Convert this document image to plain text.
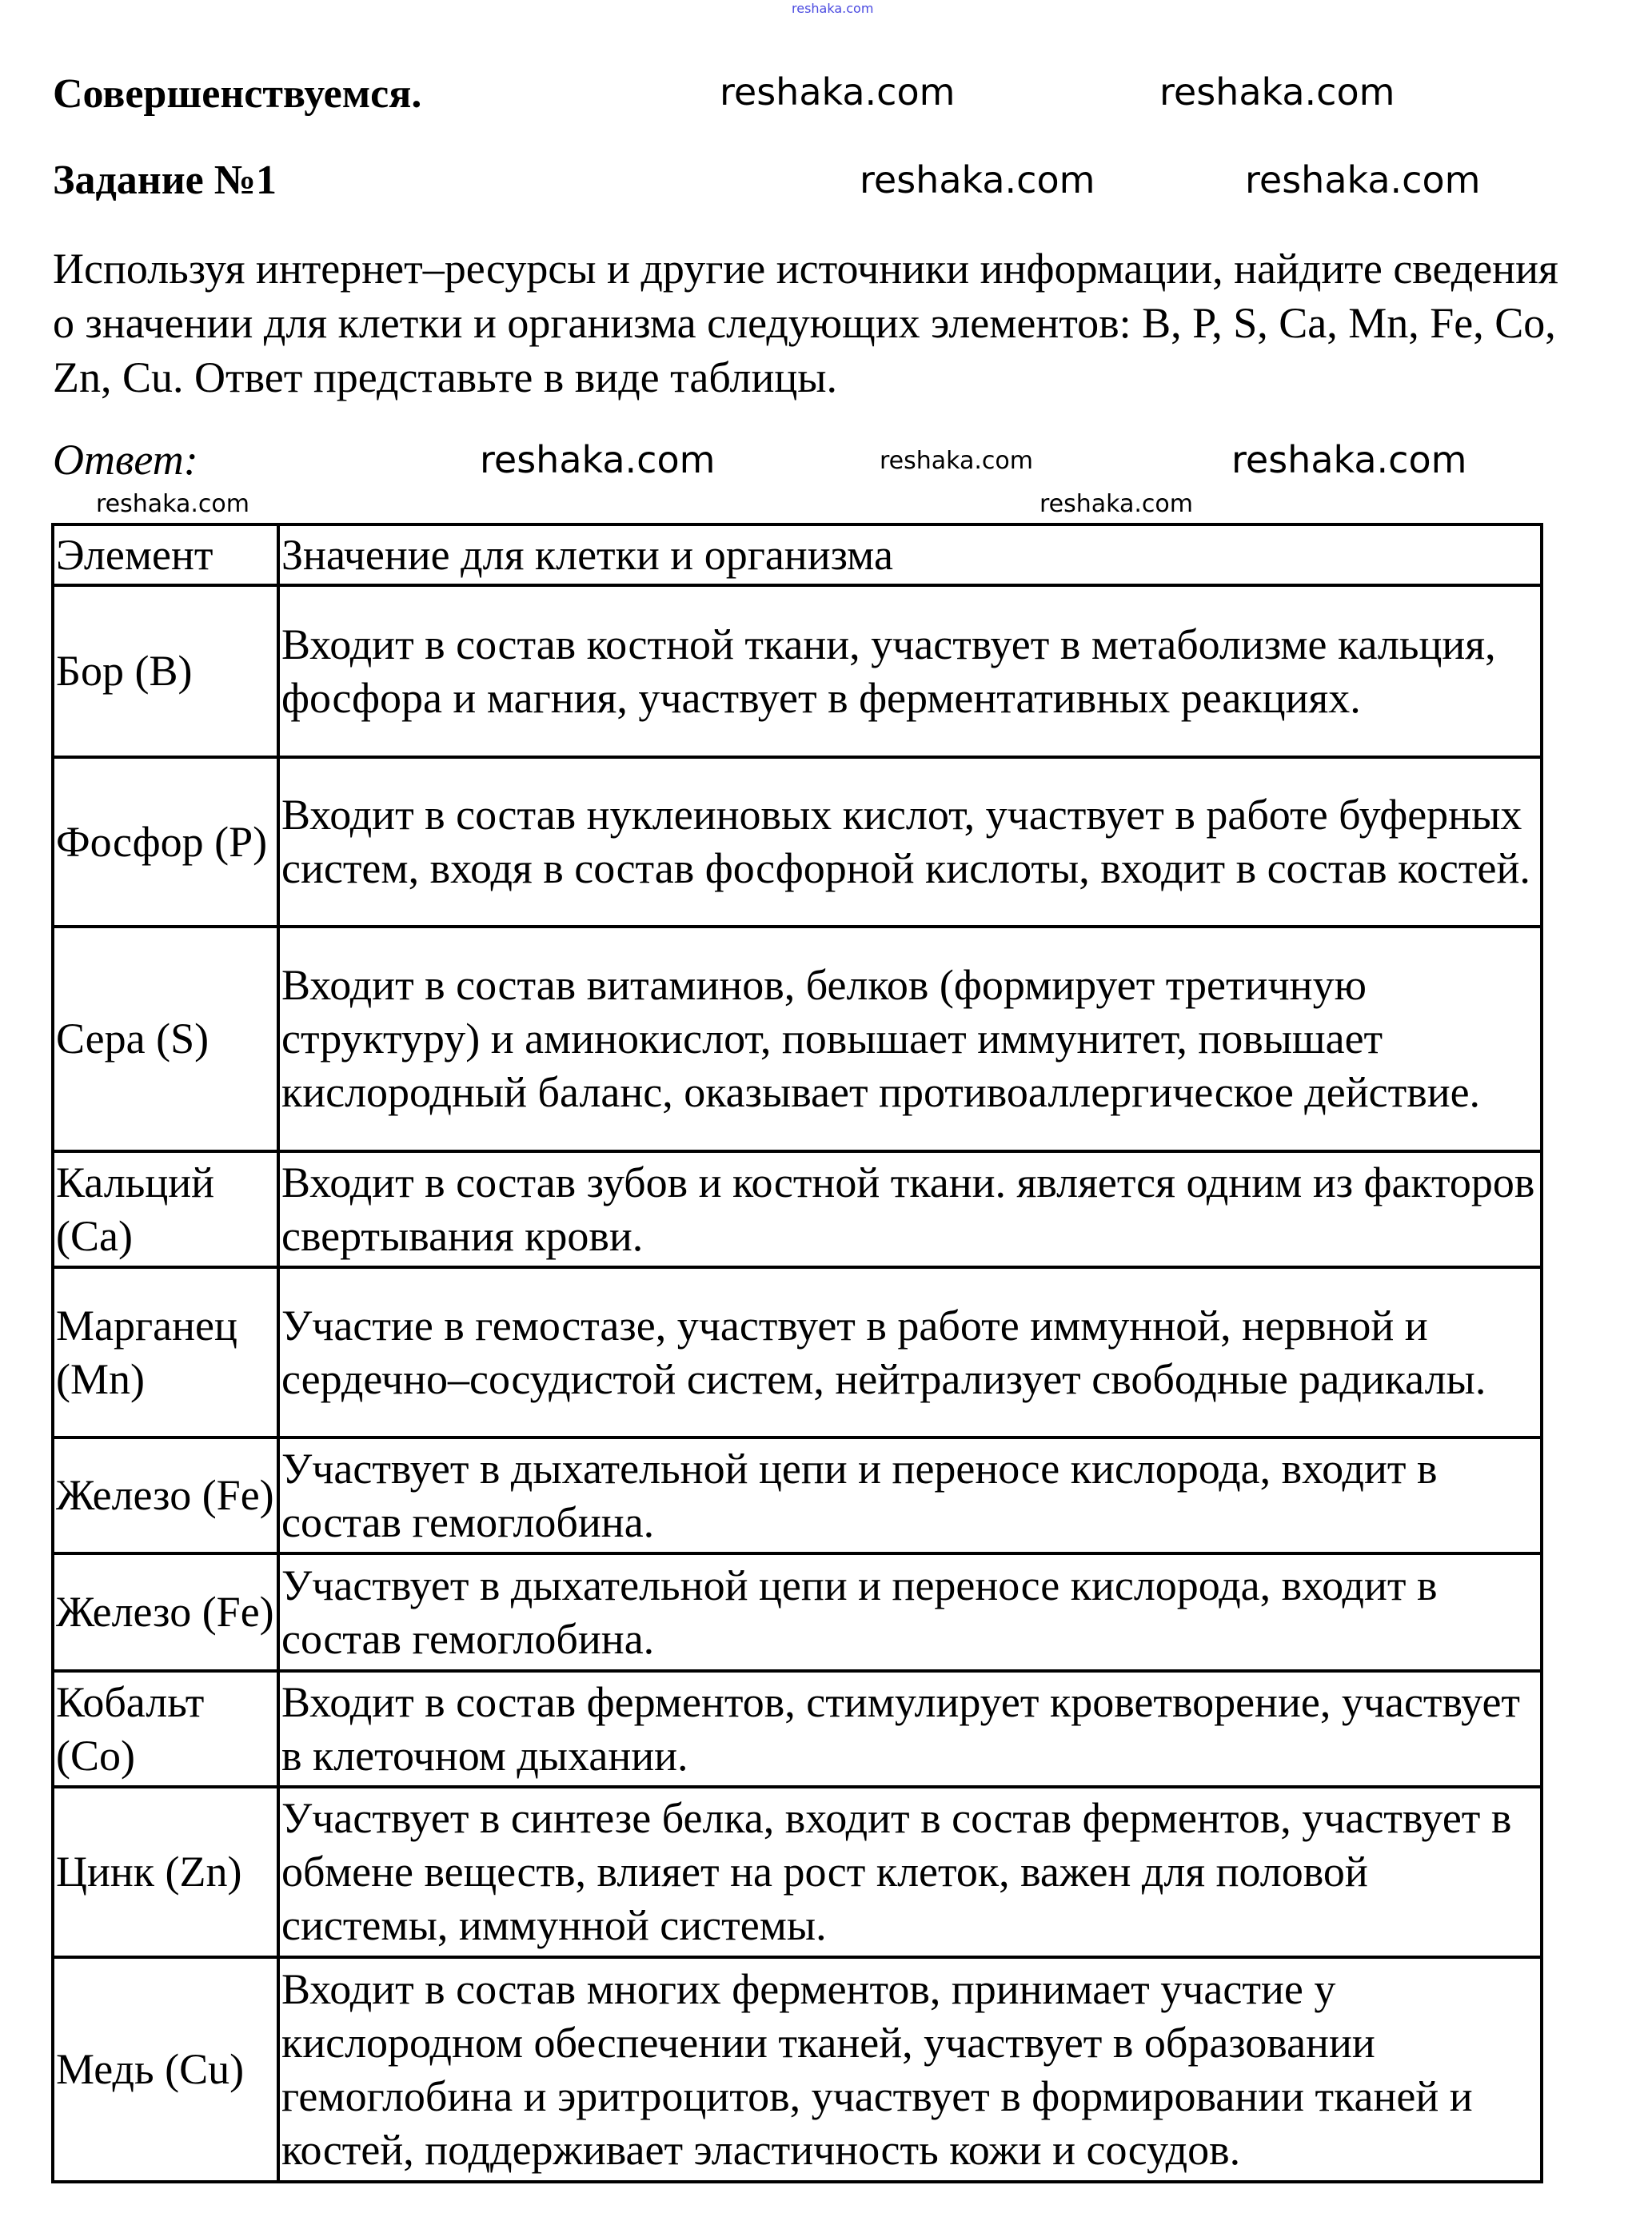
reshaka.com
Совершенствуемся.
Задание №1
Используя интернет–ресурсы и другие источники информации, найдите сведения о значении для клетки и организма следующих элементов: B, P, S, Ca, Mn, Fe, Co, Zn, Cu. Ответ представьте в виде таблицы.
Ответ:
reshaka.com	reshaka.com
reshaka.com	reshaka.com
reshaka.com	reshaka.com	reshaka.com
reshaka.com	reshaka.com
Элемент	Значение для клетки и организма
Бор (B)	Входит в состав костной ткани, участвует в метаболизме кальция, фосфора и магния, участвует в ферментативных реакциях.
Фосфор (P)	Входит в состав нуклеиновых кислот, участвует в работе буферных систем, входя в состав фосфорной кислоты, входит в состав костей.
Сера (S)	Входит в состав витаминов, белков (формирует третичную структуру) и аминокислот, повышает иммунитет, повышает кислородный баланс, оказывает противоаллергическое действие.
Кальций (Ca)	Входит в состав зубов и костной ткани. является одним из факторов свертывания крови.
Марганец (Mn)	Участие в гемостазе, участвует в работе иммунной, нервной и сердечно–сосудистой систем, нейтрализует свободные радикалы.
Железо (Fe)	Участвует в дыхательной цепи и переносе кислорода, входит в состав гемоглобина.
Железо (Fe)	Участвует в дыхательной цепи и переносе кислорода, входит в состав гемоглобина.
Кобальт (Co)	Входит в состав ферментов, стимулирует кроветворение, участвует в клеточном дыхании.
Цинк (Zn)	Участвует в синтезе белка, входит в состав ферментов, участвует в обмене веществ, влияет на рост клеток, важен для половой системы, иммунной системы.
Медь (Cu)	Входит в состав многих ферментов, принимает участие у кислородном обеспечении тканей, участвует в образовании гемоглобина и эритроцитов, участвует в формировании тканей и костей, поддерживает эластичность кожи и сосудов.
